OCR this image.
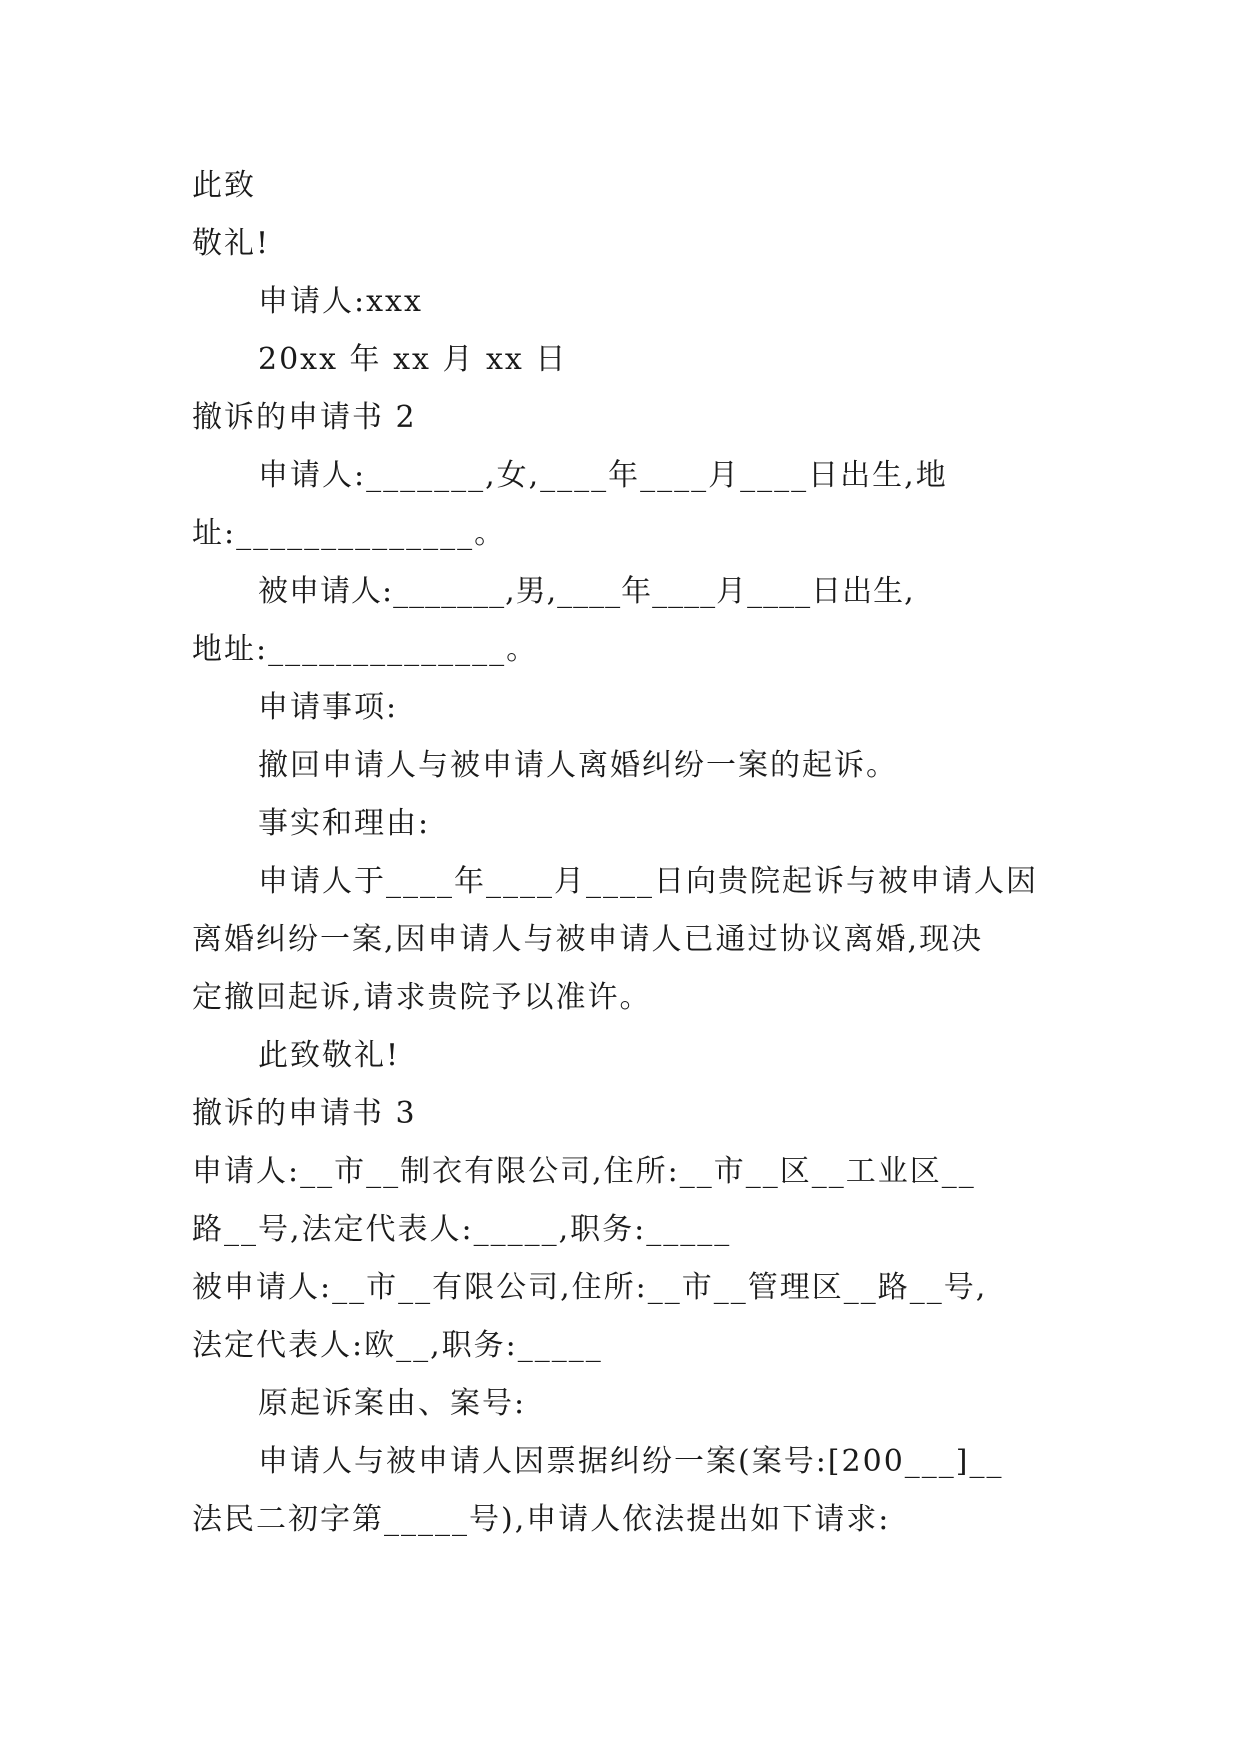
此致
敬礼!
申请人:xxx
20xx 年 xx 月 xx 日
撤诉的申请书 2
申请人:_______,女,____年____月____日出生,地
址:______________。
被申请人:_______,男,____年____月____日出生,
地址:______________。
申请事项:
撤回申请人与被申请人离婚纠纷一案的起诉。
事实和理由:
申请人于____年____月____日向贵院起诉与被申请人因
离婚纠纷一案,因申请人与被申请人已通过协议离婚,现决
定撤回起诉,请求贵院予以准许。
此致敬礼!
撤诉的申请书 3
申请人:__市__制衣有限公司,住所:__市__区__工业区__
路__号,法定代表人:_____,职务:_____
被申请人:__市__有限公司,住所:__市__管理区__路__号,
法定代表人:欧__,职务:_____
原起诉案由、案号:
申请人与被申请人因票据纠纷一案(案号:[200___]__
法民二初字第_____号),申请人依法提出如下请求:
